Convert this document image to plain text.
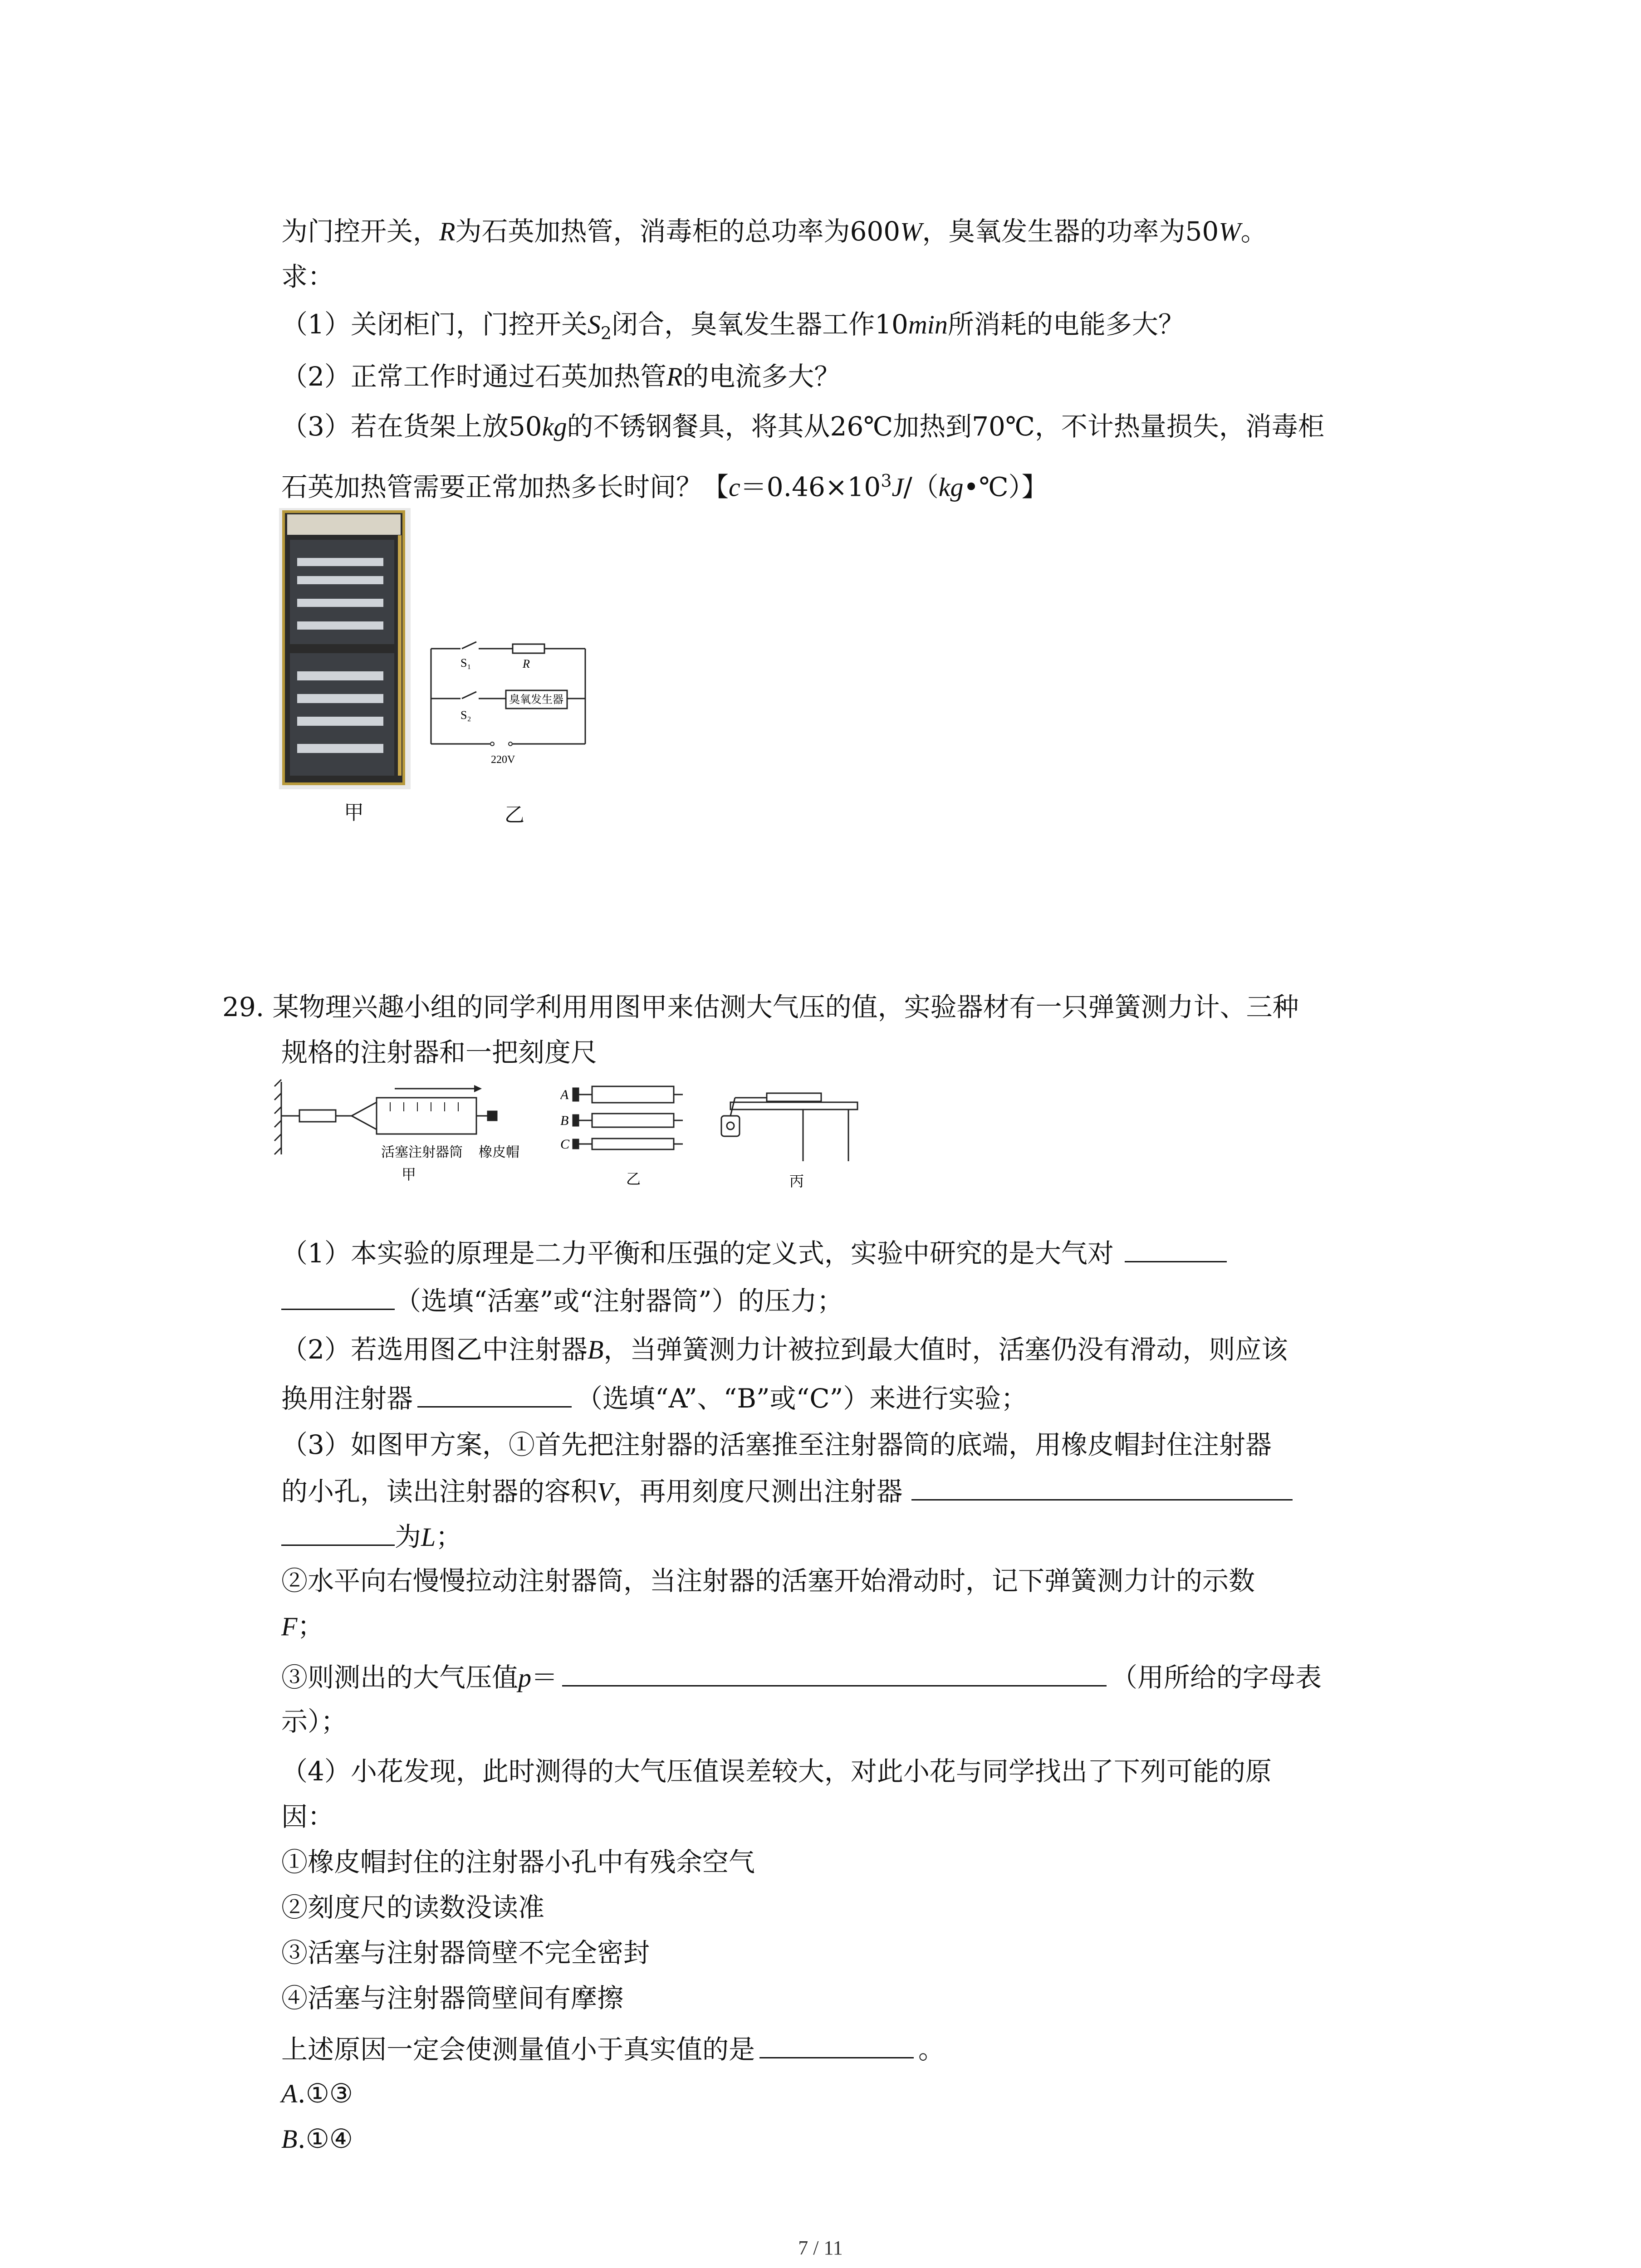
为门控开关，R为石英加热管，消毒柜的总功率为600W，臭氧发生器的功率为50W。
求：
（1）关闭柜门，门控开关$S_2$闭合，臭氧发生器工作10min所消耗的电能多大？
（2）正常工作时通过石英加热管R的电流多大？
（3）若在货架上放50kg的不锈钢餐具，将其从26℃加热到70℃，不计热量损失，消毒柜
石英加热管需要正常加热多长时间？【$c=0.46\times 10^3J/(kg•℃)$】
甲
S₁	R
S₂
臭氧发生器
220V
乙
29. 某物理兴趣小组的同学利用用图甲来估测大气压的值，实验器材有一只弹簧测力计、三种
规格的注射器和一把刻度尺
活塞 注射器筒 橡皮帽
甲
A
B
C
乙	丙
（1）本实验的原理是二力平衡和压强的定义式，实验中研究的是大气对
（选填“活塞”或“注射器筒”）的压力；
（2）若选用图乙中注射器B，当弹簧测力计被拉到最大值时，活塞仍没有滑动，则应该
换用注射器	（选填“A”、“B”或“C”）来进行实验；
（3）如图甲方案，①首先把注射器的活塞推至注射器筒的底端，用橡皮帽封住注射器
的小孔，读出注射器的容积V，再用刻度尺测出注射器
为L；
②水平向右慢慢拉动注射器筒，当注射器的活塞开始滑动时，记下弹簧测力计的示数
F；
③则测出的大气压值p＝	（用所给的字母表
示）；
（4）小花发现，此时测得的大气压值误差较大，对此小花与同学找出了下列可能的原
因：
①橡皮帽封住的注射器小孔中有残余空气
②刻度尺的读数没读准
③活塞与注射器筒壁不完全密封
④活塞与注射器筒壁间有摩擦
上述原因一定会使测量值小于真实值的是	。
A.①③
B.①④
7 / 11
